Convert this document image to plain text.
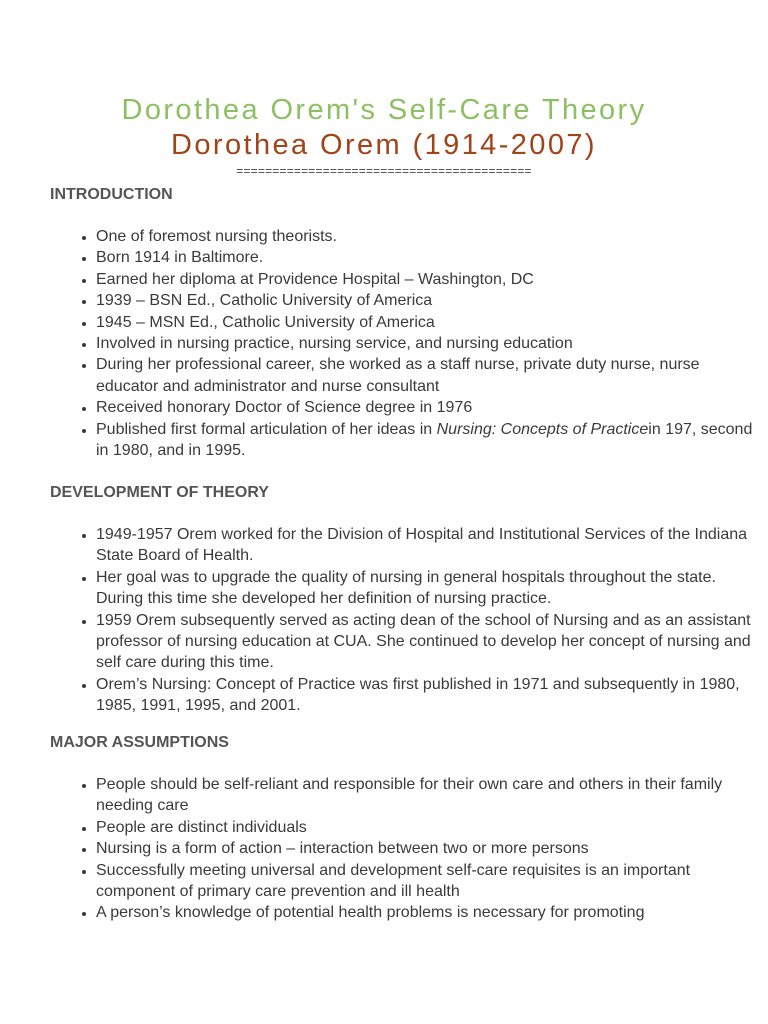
Dorothea Orem's Self-Care Theory
Dorothea Orem (1914-2007)
=========================================
INTRODUCTION
• One of foremost nursing theorists.
• Born 1914 in Baltimore.
• Earned her diploma at Providence Hospital – Washington, DC
• 1939 – BSN Ed., Catholic University of America
• 1945 – MSN Ed., Catholic University of America
• Involved in nursing practice, nursing service, and nursing education
• During her professional career, she worked as a staff nurse, private duty nurse, nurse educator and administrator and nurse consultant
• Received honorary Doctor of Science degree in 1976
• Published first formal articulation of her ideas in Nursing: Concepts of Practicein 197, second in 1980, and in 1995.
DEVELOPMENT OF THEORY
• 1949-1957 Orem worked for the Division of Hospital and Institutional Services of the Indiana State Board of Health.
• Her goal was to upgrade the quality of nursing in general hospitals throughout the state. During this time she developed her definition of nursing practice.
• 1959 Orem subsequently served as acting dean of the school of Nursing and as an assistant professor of nursing education at CUA. She continued to develop her concept of nursing and self care during this time.
• Orem’s Nursing: Concept of Practice was first published in 1971 and subsequently in 1980, 1985, 1991, 1995, and 2001.
MAJOR ASSUMPTIONS
• People should be self-reliant and responsible for their own care and others in their family needing care
• People are distinct individuals
• Nursing is a form of action – interaction between two or more persons
• Successfully meeting universal and development self-care requisites is an important component of primary care prevention and ill health
• A person’s knowledge of potential health problems is necessary for promoting
